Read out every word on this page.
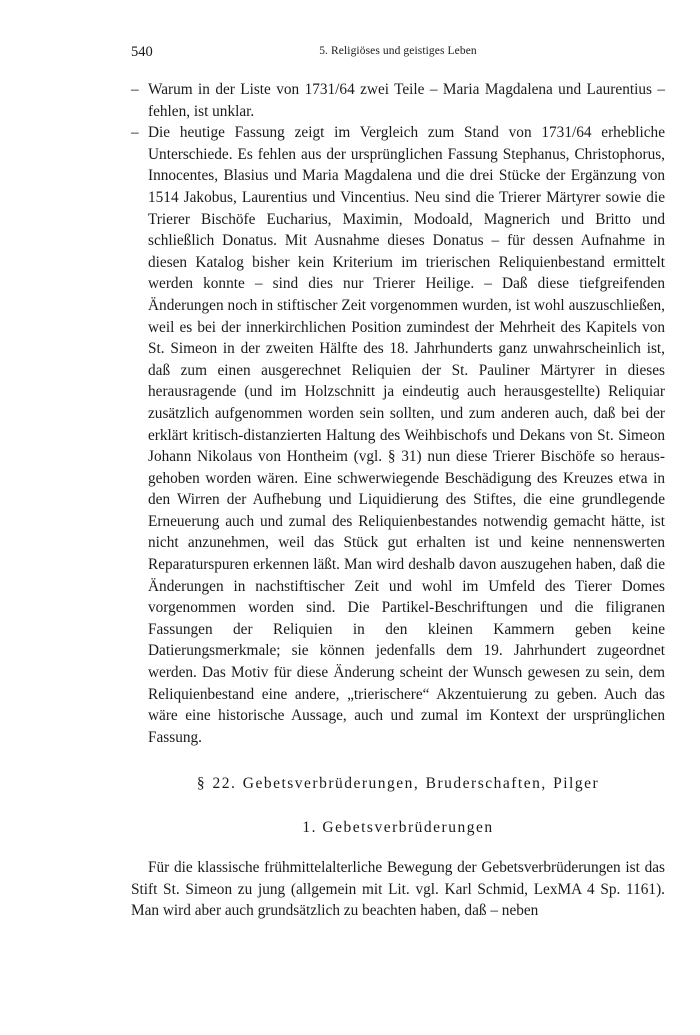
540	5. Religiöses und geistiges Leben
– Warum in der Liste von 1731/64 zwei Teile – Maria Magdalena und Laurentius – fehlen, ist unklar.
– Die heutige Fassung zeigt im Vergleich zum Stand von 1731/64 erhebliche Unterschiede. Es fehlen aus der ursprünglichen Fassung Stephanus, Christophorus, Innocentes, Blasius und Maria Magdalena und die drei Stücke der Ergänzung von 1514 Jakobus, Laurentius und Vincentius. Neu sind die Trierer Märtyrer sowie die Trierer Bischöfe Eucharius, Maximin, Modoald, Magnerich und Britto und schließlich Donatus. Mit Ausnahme dieses Donatus – für dessen Aufnahme in diesen Katalog bisher kein Kriterium im trierischen Reliquienbestand ermittelt werden konnte – sind dies nur Trierer Heilige. – Daß diese tiefgreifenden Änderungen noch in stiftischer Zeit vorgenommen wurden, ist wohl auszuschließen, weil es bei der innerkirchlichen Position zumindest der Mehrheit des Kapitels von St. Simeon in der zweiten Hälfte des 18. Jahrhunderts ganz unwahrscheinlich ist, daß zum einen ausgerechnet Reliquien der St. Pauliner Märtyrer in dieses herausragende (und im Holzschnitt ja eindeutig auch herausgestellte) Reliquiar zusätzlich aufgenommen worden sein sollten, und zum anderen auch, daß bei der erklärt kritisch-distanzierten Haltung des Weihbischofs und Dekans von St. Simeon Johann Nikolaus von Hontheim (vgl. § 31) nun diese Trierer Bischöfe so herausgehoben worden wären. Eine schwerwiegende Beschädigung des Kreuzes etwa in den Wirren der Aufhebung und Liquidierung des Stiftes, die eine grundlegende Erneuerung auch und zumal des Reliquienbestandes notwendig gemacht hätte, ist nicht anzunehmen, weil das Stück gut erhalten ist und keine nennenswerten Reparaturspuren erkennen läßt. Man wird deshalb davon auszugehen haben, daß die Änderungen in nachstiftischer Zeit und wohl im Umfeld des Tierer Domes vorgenommen worden sind. Die Partikel-Beschriftungen und die filigranen Fassungen der Reliquien in den kleinen Kammern geben keine Datierungsmerkmale; sie können jedenfalls dem 19. Jahrhundert zugeordnet werden. Das Motiv für diese Änderung scheint der Wunsch gewesen zu sein, dem Reliquienbestand eine andere, „trierischere“ Akzentuierung zu geben. Auch das wäre eine historische Aussage, auch und zumal im Kontext der ursprünglichen Fassung.
§ 22. Gebetsverbrüderungen, Bruderschaften, Pilger
1. Gebetsverbrüderungen

Für die klassische frühmittelalterliche Bewegung der Gebetsverbrüderungen ist das Stift St. Simeon zu jung (allgemein mit Lit. vgl. Karl Schmid, LexMA 4 Sp. 1161). Man wird aber auch grundsätzlich zu beachten haben, daß – neben
